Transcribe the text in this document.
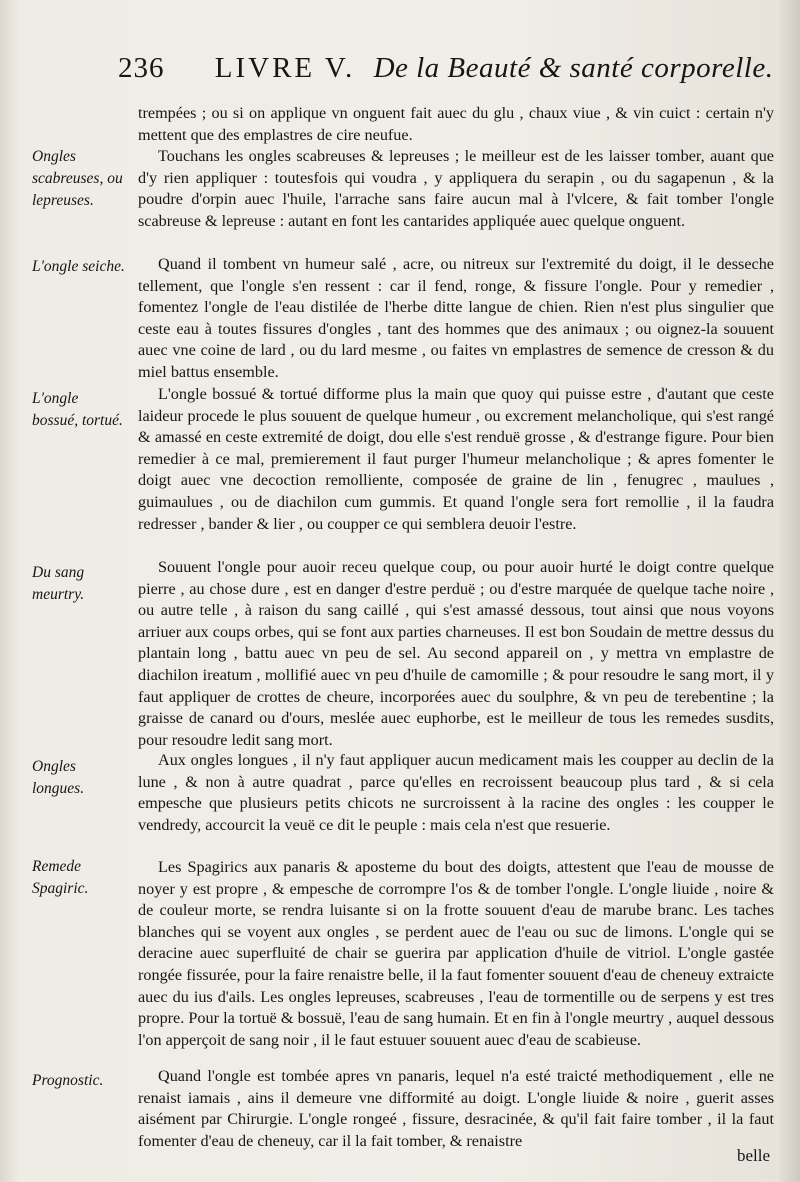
236 LIVRE V. De la Beauté & santé corporelle.
Ongles scabreuses, ou lepreuses.
L'ongle seiche.
L'ongle bossué, tortué.
Du sang meurtry.
Ongles longues.
Remede Spagiric.
Prognostic.

trempées ; ou si on applique vn onguent fait auec du glu , chaux viue , & vin cuict : certain n'y mettent que des emplastres de cire neufue.

Touchans les ongles scabreuses & lepreuses ; le meilleur est de les laisser tomber, auant que d'y rien appliquer : toutesfois qui voudra , y appliquera du serapin , ou du sagapenun , & la poudre d'orpin auec l'huile, l'arrache sans faire aucun mal à l'vlcere, & fait tomber l'ongle scabreuse & lepreuse : autant en font les cantarides appliquée auec quelque onguent.

Quand il tombent vn humeur salé , acre, ou nitreux sur l'extremité du doigt, il le desseche tellement, que l'ongle s'en ressent : car il fend, ronge, & fissure l'ongle. Pour y remedier , fomentez l'ongle de l'eau distilée de l'herbe ditte langue de chien. Rien n'est plus singulier que ceste eau à toutes fissures d'ongles , tant des hommes que des animaux ; ou oignez-la souuent auec vne coine de lard , ou du lard mesme , ou faites vn emplastres de semence de cresson & du miel battus ensemble.

L'ongle bossué & tortué difforme plus la main que quoy qui puisse estre , d'autant que ceste laideur procede le plus souuent de quelque humeur , ou excrement melancholique, qui s'est rangé & amassé en ceste extremité de doigt, dou elle s'est renduë grosse , & d'estrange figure. Pour bien remedier à ce mal, premierement il faut purger l'humeur melancholique ; & apres fomenter le doigt auec vne decoction remolliente, composée de graine de lin , fenugrec , maulues , guimaulues , ou de diachilon cum gummis. Et quand l'ongle sera fort remollie , il la faudra redresser , bander & lier , ou coupper ce qui semblera deuoir l'estre.

Souuent l'ongle pour auoir receu quelque coup, ou pour auoir hurté le doigt contre quelque pierre , au chose dure , est en danger d'estre perduë ; ou d'estre marquée de quelque tache noire , ou autre telle , à raison du sang caillé , qui s'est amassé dessous, tout ainsi que nous voyons arriuer aux coups orbes, qui se font aux parties charneuses. Il est bon Soudain de mettre dessus du plantain long , battu auec vn peu de sel. Au second appareil on , y mettra vn emplastre de diachilon ireatum , mollifié auec vn peu d'huile de camomille ; & pour resoudre le sang mort, il y faut appliquer de crottes de cheure, incorporées auec du soulphre, & vn peu de terebentine ; la graisse de canard ou d'ours, meslée auec euphorbe, est le meilleur de tous les remedes susdits, pour resoudre ledit sang mort.

Aux ongles longues , il n'y faut appliquer aucun medicament mais les coupper au declin de la lune , & non à autre quadrat , parce qu'elles en recroissent beaucoup plus tard , & si cela empesche que plusieurs petits chicots ne surcroissent à la racine des ongles : les coupper le vendredy, accourcit la veuë ce dit le peuple : mais cela n'est que resuerie.

Les Spagirics aux panaris & aposteme du bout des doigts, attestent que l'eau de mousse de noyer y est propre , & empesche de corrompre l'os & de tomber l'ongle. L'ongle liuide , noire & de couleur morte, se rendra luisante si on la frotte souuent d'eau de marube branc. Les taches blanches qui se voyent aux ongles , se perdent auec de l'eau ou suc de limons. L'ongle qui se deracine auec superfluité de chair se guerira par application d'huile de vitriol. L'ongle gastée rongée fissurée, pour la faire renaistre belle, il la faut fomenter souuent d'eau de cheneuy extraicte auec du ius d'ails. Les ongles lepreuses, scabreuses , l'eau de tormentille ou de serpens y est tres propre. Pour la tortuë & bossuë, l'eau de sang humain. Et en fin à l'ongle meurtry , auquel dessous l'on apperçoit de sang noir , il le faut estuuer souuent auec d'eau de scabieuse.

Quand l'ongle est tombée apres vn panaris, lequel n'a esté traicté methodiquement , elle ne renaist iamais , ains il demeure vne difformité au doigt. L'ongle liuide & noire , guerit asses aisément par Chirurgie. L'ongle rongeé , fissure, desracinée, & qu'il fait faire tomber , il la faut fomenter d'eau de cheneuy, car il la fait tomber, & renaistre

belle
